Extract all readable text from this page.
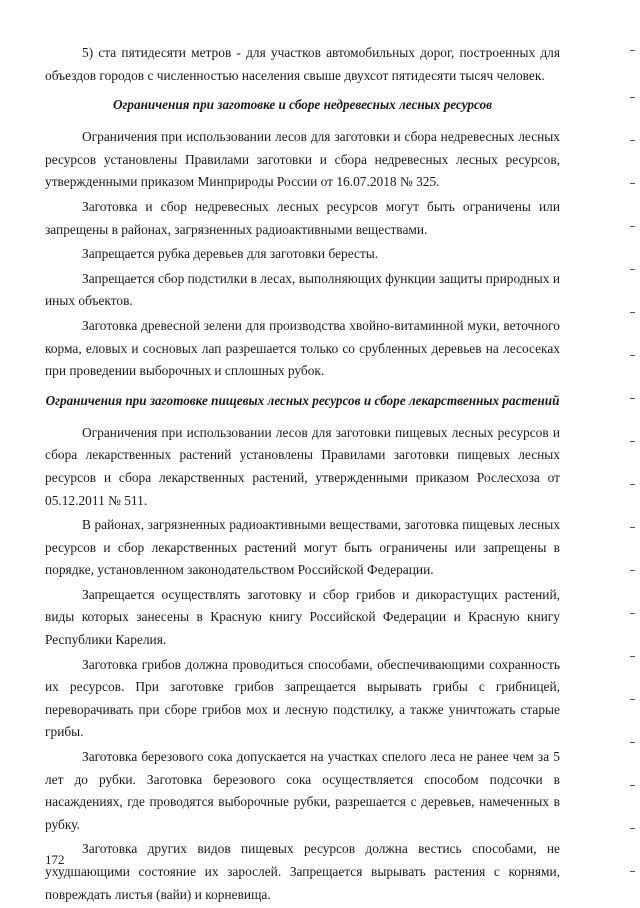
5) ста пятидесяти метров - для участков автомобильных дорог, построенных для объездов городов с численностью населения свыше двухсот пятидесяти тысяч человек.

Ограничения при заготовке и сборе недревесных лесных ресурсов

Ограничения при использовании лесов для заготовки и сбора недревесных лесных ресурсов установлены Правилами заготовки и сбора недревесных лесных ресурсов, утвержденными приказом Минприроды России от 16.07.2018 № 325.

Заготовка и сбор недревесных лесных ресурсов могут быть ограничены или запрещены в районах, загрязненных радиоактивными веществами.

Запрещается рубка деревьев для заготовки бересты.

Запрещается сбор подстилки в лесах, выполняющих функции защиты природных и иных объектов.

Заготовка древесной зелени для производства хвойно-витаминной муки, веточного корма, еловых и сосновых лап разрешается только со срубленных деревьев на лесосеках при проведении выборочных и сплошных рубок.

Ограничения при заготовке пищевых лесных ресурсов и сборе лекарственных растений

Ограничения при использовании лесов для заготовки пищевых лесных ресурсов и сбора лекарственных растений установлены Правилами заготовки пищевых лесных ресурсов и сбора лекарственных растений, утвержденными приказом Рослесхоза от 05.12.2011 № 511.

В районах, загрязненных радиоактивными веществами, заготовка пищевых лесных ресурсов и сбор лекарственных растений могут быть ограничены или запрещены в порядке, установленном законодательством Российской Федерации.

Запрещается осуществлять заготовку и сбор грибов и дикорастущих растений, виды которых занесены в Красную книгу Российской Федерации и Красную книгу Республики Карелия.

Заготовка грибов должна проводиться способами, обеспечивающими сохранность их ресурсов. При заготовке грибов запрещается вырывать грибы с грибницей, переворачивать при сборе грибов мох и лесную подстилку, а также уничтожать старые грибы.

Заготовка березового сока допускается на участках спелого леса не ранее чем за 5 лет до рубки. Заготовка березового сока осуществляется способом подсочки в насаждениях, где проводятся выборочные рубки, разрешается с деревьев, намеченных в рубку.

Заготовка других видов пищевых ресурсов должна вестись способами, не ухудшающими состояние их зарослей. Запрещается вырывать растения с корнями, повреждать листья (вайи) и корневища.

172
